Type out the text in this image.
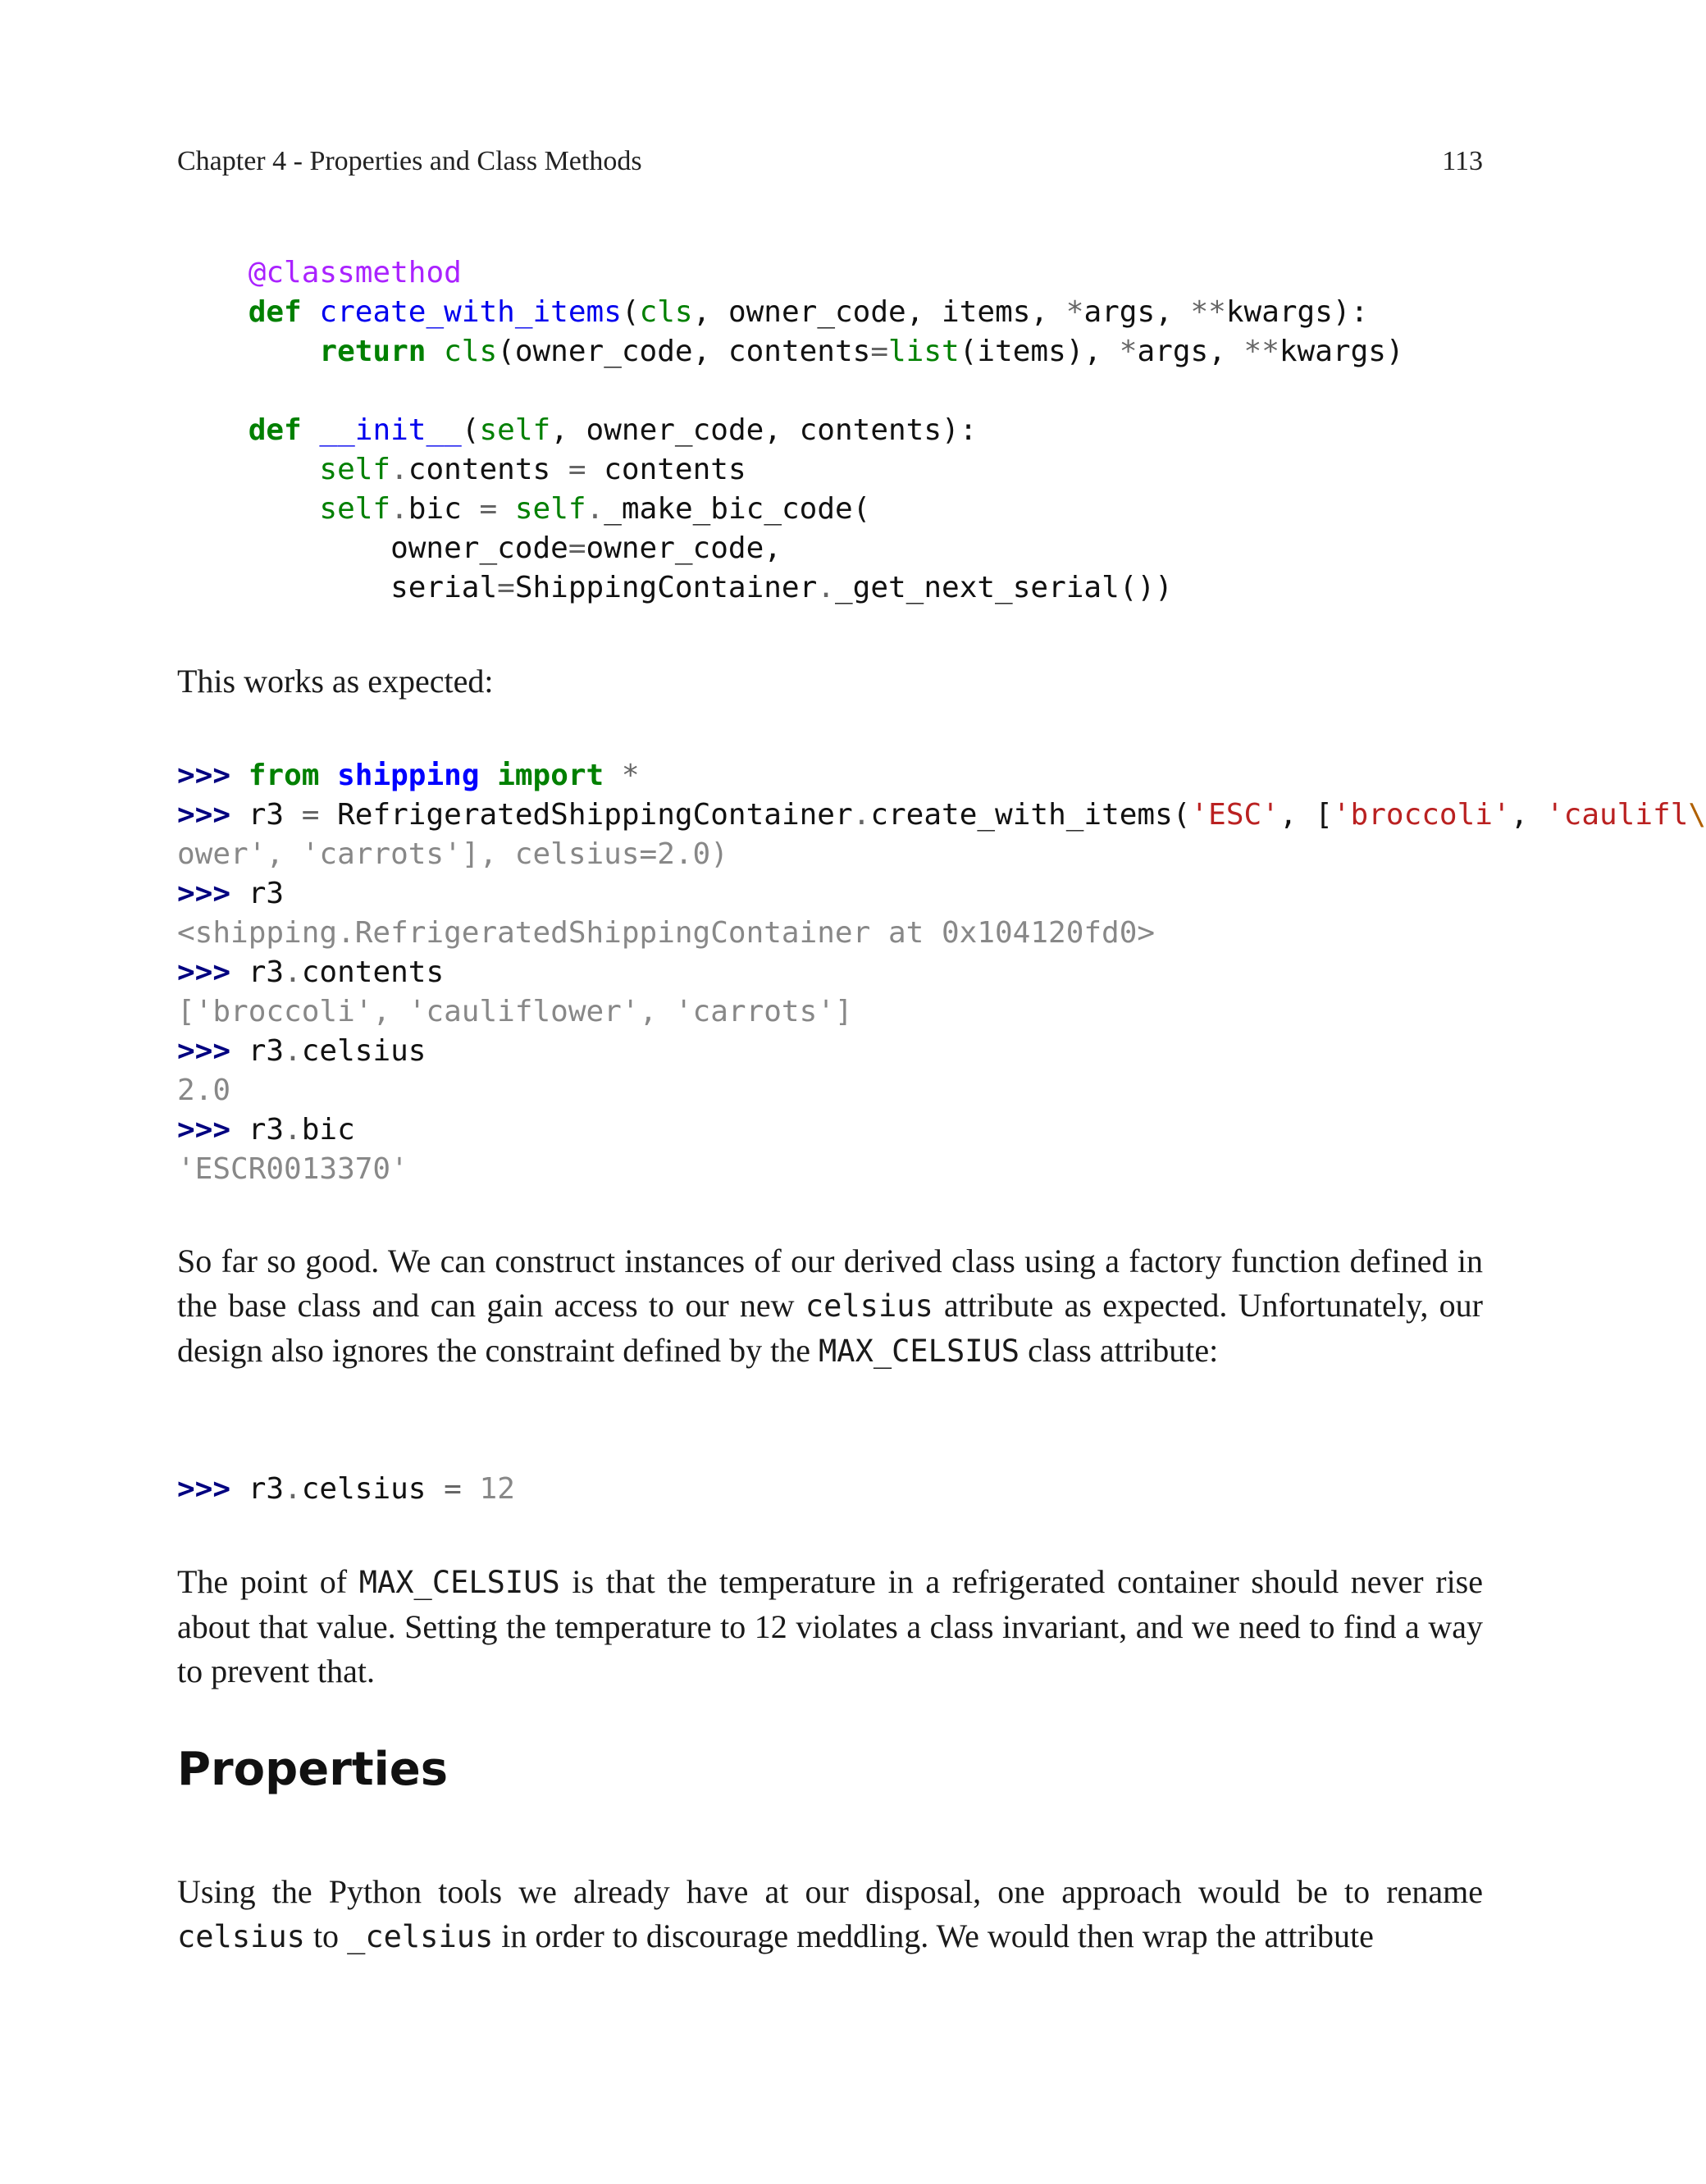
Chapter 4 - Properties and Class Methods	113
@classmethod
def create_with_items(cls, owner_code, items, *args, **kwargs):
return cls(owner_code, contents=list(items), *args, **kwargs)

def __init__(self, owner_code, contents):
self.contents = contents
self.bic = self._make_bic_code(
owner_code=owner_code,
serial=ShippingContainer._get_next_serial())

This works as expected:

>>> from shipping import *
>>> r3 = RefrigeratedShippingContainer.create_with_items('ESC', ['broccoli', 'caulifl\
ower', 'carrots'], celsius=2.0)
>>> r3
<shipping.RefrigeratedShippingContainer at 0x104120fd0>
>>> r3.contents
['broccoli', 'cauliflower', 'carrots']
>>> r3.celsius
2.0
>>> r3.bic
'ESCR0013370'

So far so good. We can construct instances of our derived class using a factory function defined in the base class and can gain access to our new celsius attribute as expected. Unfortunately, our design also ignores the constraint defined by the MAX_CELSIUS class attribute:

>>> r3.celsius = 12

The point of MAX_CELSIUS is that the temperature in a refrigerated container should never rise about that value. Setting the temperature to 12 violates a class invariant, and we need to find a way to prevent that.

Properties

Using the Python tools we already have at our disposal, one approach would be to rename celsius to _celsius in order to discourage meddling. We would then wrap the attribute
